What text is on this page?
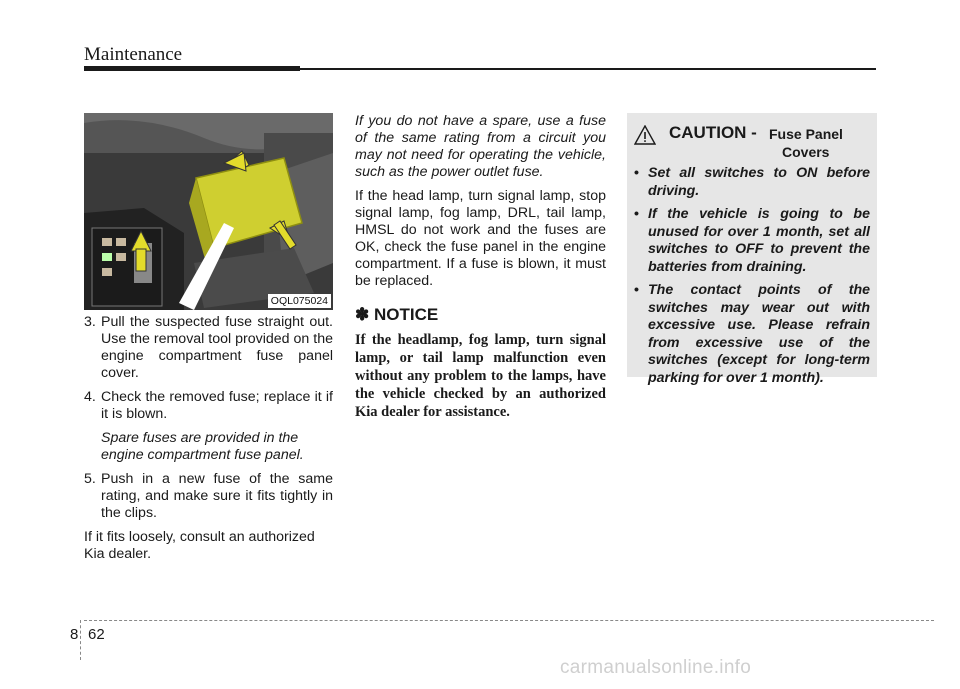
Maintenance
OQL075024

3. Pull the suspected fuse straight out. Use the removal tool provided on the engine compartment fuse panel cover.

4. Check the removed fuse; replace it if it is blown.

Spare fuses are provided in the engine compartment fuse panel.

5. Push in a new fuse of the same rating, and make sure it fits tightly in the clips.

If it fits loosely, consult an authorized Kia dealer.

If you do not have a spare, use a fuse of the same rating from a circuit you may not need for operating the vehicle, such as the power outlet fuse.

If the head lamp, turn signal lamp, stop signal lamp, fog lamp, DRL, tail lamp, HMSL do not work and the fuses are OK, check the fuse panel in the engine compartment. If a fuse is blown, it must be replaced.

✽ NOTICE

If the headlamp, fog lamp, turn signal lamp, or tail lamp malfunction even without any problem to the lamps, have the vehicle checked by an authorized Kia dealer for assistance.

CAUTION - Fuse Panel
Covers
• Set all switches to ON before driving.
• If the vehicle is going to be unused for over 1 month, set all switches to OFF to prevent the batteries from draining.
• The contact points of the switches may wear out with excessive use. Please refrain from excessive use of the switches (except for long-term parking for over 1 month).
8 62
carmanualsonline.info
